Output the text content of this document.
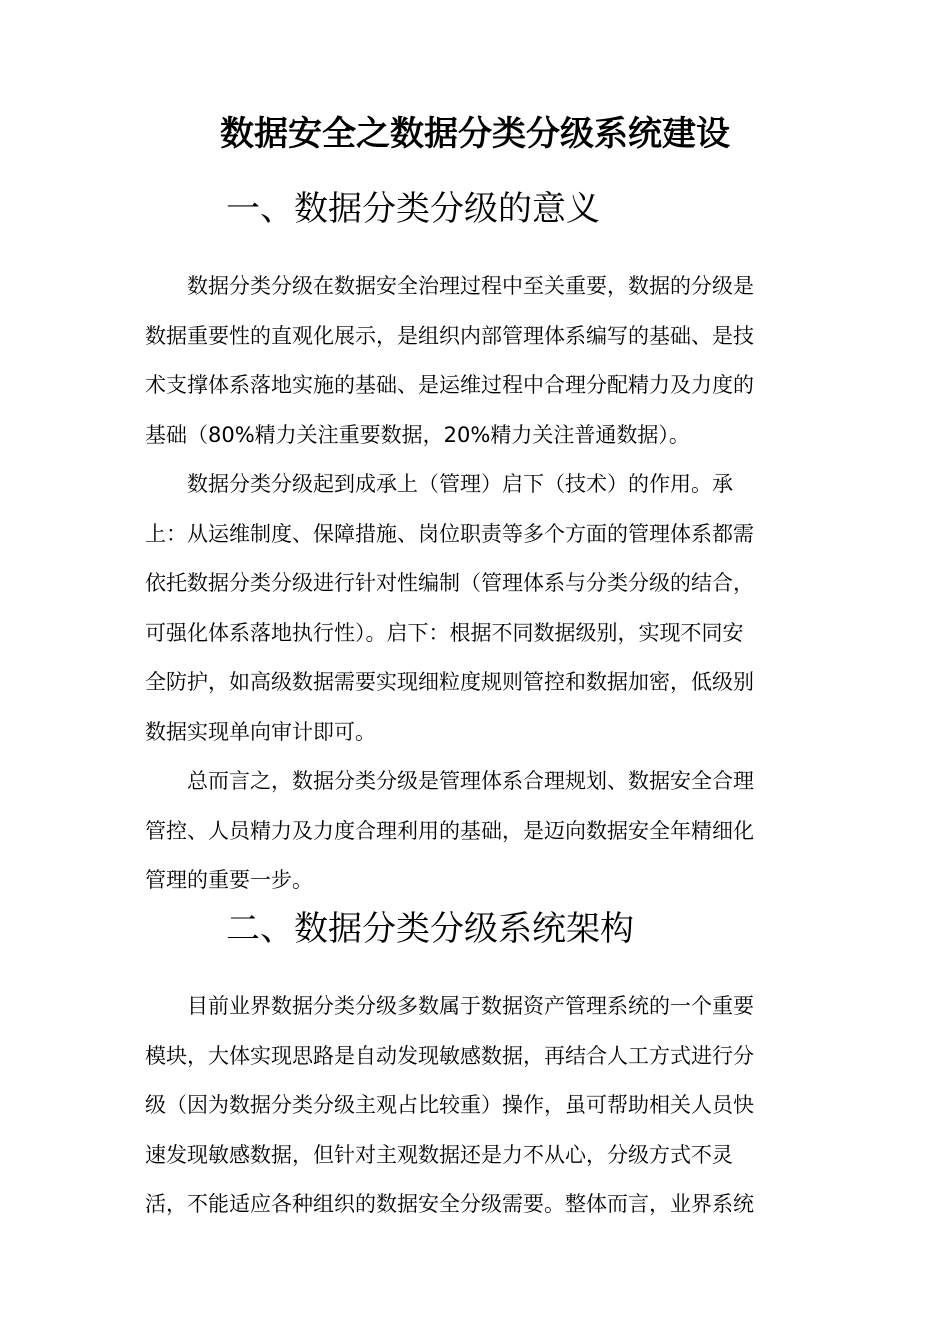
数据安全之数据分类分级系统建设
一、数据分类分级的意义

数据分类分级在数据安全治理过程中至关重要，数据的分级是
数据重要性的直观化展示，是组织内部管理体系编写的基础、是技
术支撑体系落地实施的基础、是运维过程中合理分配精力及力度的
基础（80%精力关注重要数据，20%精力关注普通数据）。

数据分类分级起到成承上（管理）启下（技术）的作用。承
上：从运维制度、保障措施、岗位职责等多个方面的管理体系都需
依托数据分类分级进行针对性编制（管理体系与分类分级的结合，
可强化体系落地执行性）。启下：根据不同数据级别，实现不同安
全防护，如高级数据需要实现细粒度规则管控和数据加密，低级别
数据实现单向审计即可。

总而言之，数据分类分级是管理体系合理规划、数据安全合理
管控、人员精力及力度合理利用的基础，是迈向数据安全年精细化
管理的重要一步。

二、数据分类分级系统架构

目前业界数据分类分级多数属于数据资产管理系统的一个重要
模块，大体实现思路是自动发现敏感数据，再结合人工方式进行分
级（因为数据分类分级主观占比较重）操作，虽可帮助相关人员快
速发现敏感数据，但针对主观数据还是力不从心，分级方式不灵
活，不能适应各种组织的数据安全分级需要。整体而言，业界系统
